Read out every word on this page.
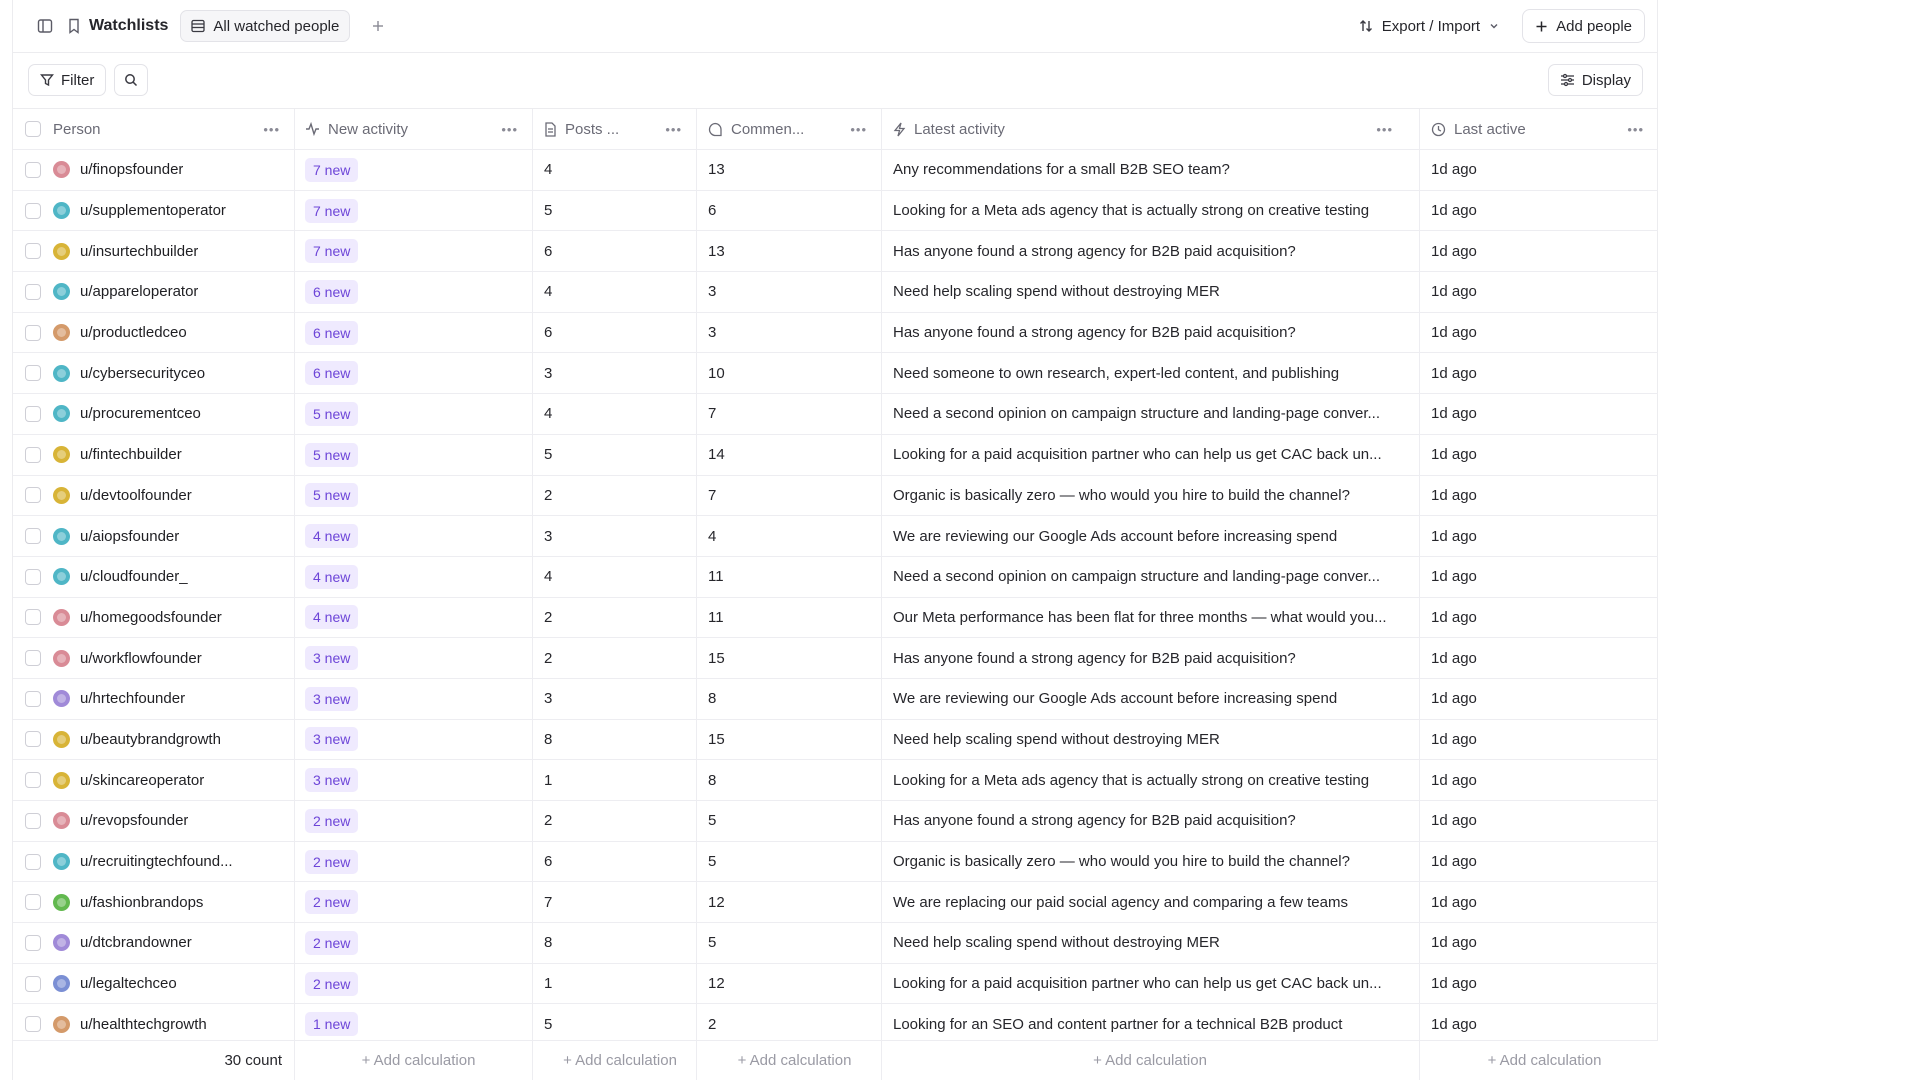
Watchlists	All watched people	Export / Import	Add people
Filter	Display
Person	•••	New activity	•••	Posts ...	•••	Commen...	•••	Latest activity	•••	Last active	•••
u/finopsfounder	7 new	4	13	Any recommendations for a small B2B SEO team?	1d ago
u/supplementoperator	7 new	5	6	Looking for a Meta ads agency that is actually strong on creative testing	1d ago
u/insurtechbuilder	7 new	6	13	Has anyone found a strong agency for B2B paid acquisition?	1d ago
u/appareloperator	6 new	4	3	Need help scaling spend without destroying MER	1d ago
u/productledceo	6 new	6	3	Has anyone found a strong agency for B2B paid acquisition?	1d ago
u/cybersecurityceo	6 new	3	10	Need someone to own research, expert-led content, and publishing	1d ago
u/procurementceo	5 new	4	7	Need a second opinion on campaign structure and landing-page conver...	1d ago
u/fintechbuilder	5 new	5	14	Looking for a paid acquisition partner who can help us get CAC back un...	1d ago
u/devtoolfounder	5 new	2	7	Organic is basically zero — who would you hire to build the channel?	1d ago
u/aiopsfounder	4 new	3	4	We are reviewing our Google Ads account before increasing spend	1d ago
u/cloudfounder_	4 new	4	11	Need a second opinion on campaign structure and landing-page conver...	1d ago
u/homegoodsfounder	4 new	2	11	Our Meta performance has been flat for three months — what would you...	1d ago
u/workflowfounder	3 new	2	15	Has anyone found a strong agency for B2B paid acquisition?	1d ago
u/hrtechfounder	3 new	3	8	We are reviewing our Google Ads account before increasing spend	1d ago
u/beautybrandgrowth	3 new	8	15	Need help scaling spend without destroying MER	1d ago
u/skincareoperator	3 new	1	8	Looking for a Meta ads agency that is actually strong on creative testing	1d ago
u/revopsfounder	2 new	2	5	Has anyone found a strong agency for B2B paid acquisition?	1d ago
u/recruitingtechfound...	2 new	6	5	Organic is basically zero — who would you hire to build the channel?	1d ago
u/fashionbrandops	2 new	7	12	We are replacing our paid social agency and comparing a few teams	1d ago
u/dtcbrandowner	2 new	8	5	Need help scaling spend without destroying MER	1d ago
u/legaltechceo	2 new	1	12	Looking for a paid acquisition partner who can help us get CAC back un...	1d ago
u/healthtechgrowth	1 new	5	2	Looking for an SEO and content partner for a technical B2B product	1d ago
30 count	+ Add calculation	+ Add calculation	+ Add calculation	+ Add calculation	+ Add calculation
